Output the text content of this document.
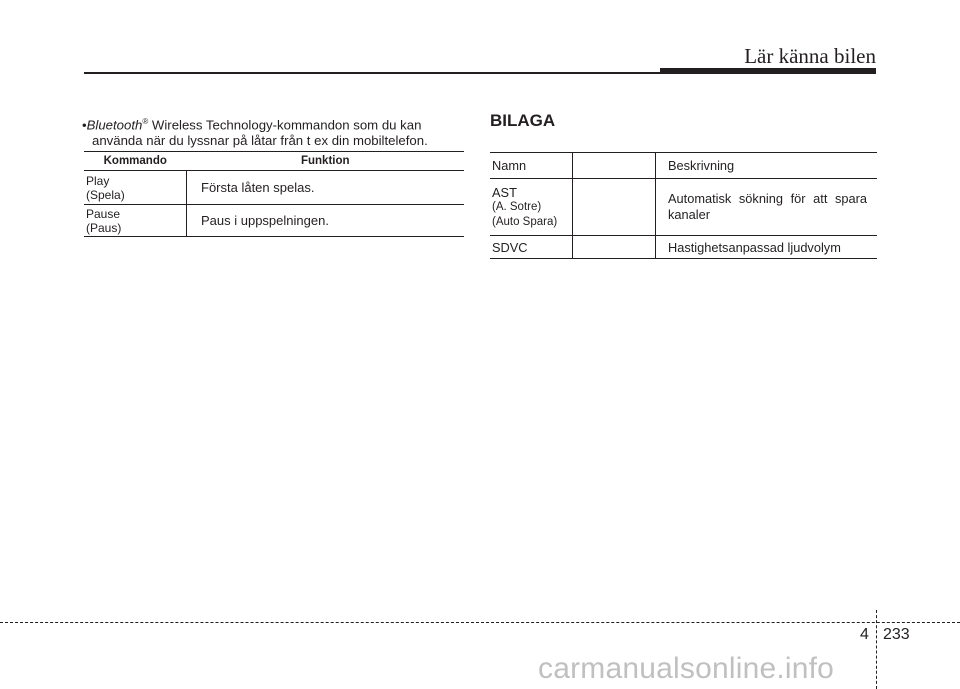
Lär känna bilen
•Bluetooth® Wireless Technology-kommandon som du kan
använda när du lyssnar på låtar från t ex din mobiltelefon.
Kommando	Funktion

Play
(Spela)	Första låten spelas.

Pause
(Paus)	Paus i uppspelningen.
BILAGA
Namn		Beskrivning

AST
(A. Sotre)
(Auto Spara)		Automatisk sökning för att spara kanaler
SDVC		Hastighetsanpassad ljudvolym
4 233
carmanualsonline.info
